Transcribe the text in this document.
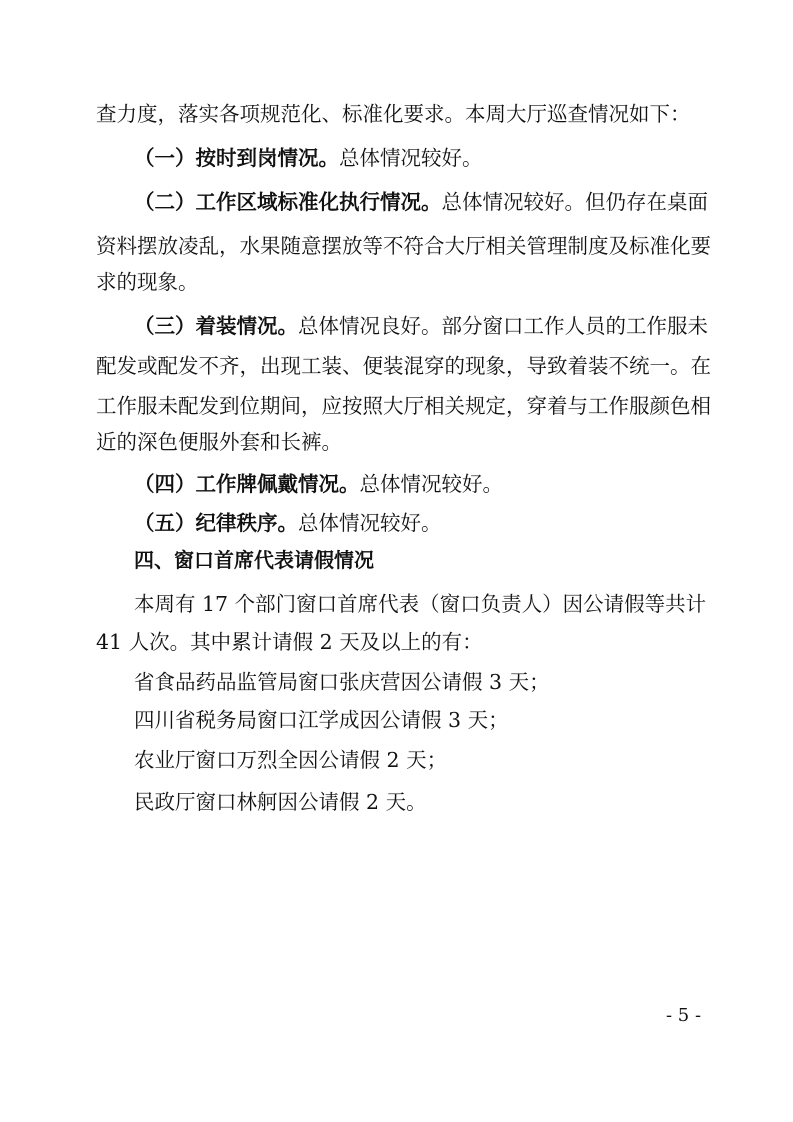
查力度，落实各项规范化、标准化要求。本周大厅巡查情况如下：
（一）按时到岗情况。总体情况较好。
（二）工作区域标准化执行情况。总体情况较好。但仍存在桌面
资料摆放凌乱，水果随意摆放等不符合大厅相关管理制度及标准化要
求的现象。
（三）着装情况。总体情况良好。部分窗口工作人员的工作服未
配发或配发不齐，出现工装、便装混穿的现象，导致着装不统一。在
工作服未配发到位期间，应按照大厅相关规定，穿着与工作服颜色相
近的深色便服外套和长裤。
（四）工作牌佩戴情况。总体情况较好。
（五）纪律秩序。总体情况较好。
四、窗口首席代表请假情况
本周有 17 个部门窗口首席代表（窗口负责人）因公请假等共计
41 人次。其中累计请假 2 天及以上的有：
省食品药品监管局窗口张庆营因公请假 3 天；
四川省税务局窗口江学成因公请假 3 天；
农业厅窗口万烈全因公请假 2 天；
民政厅窗口林舸因公请假 2 天。
- 5 -
